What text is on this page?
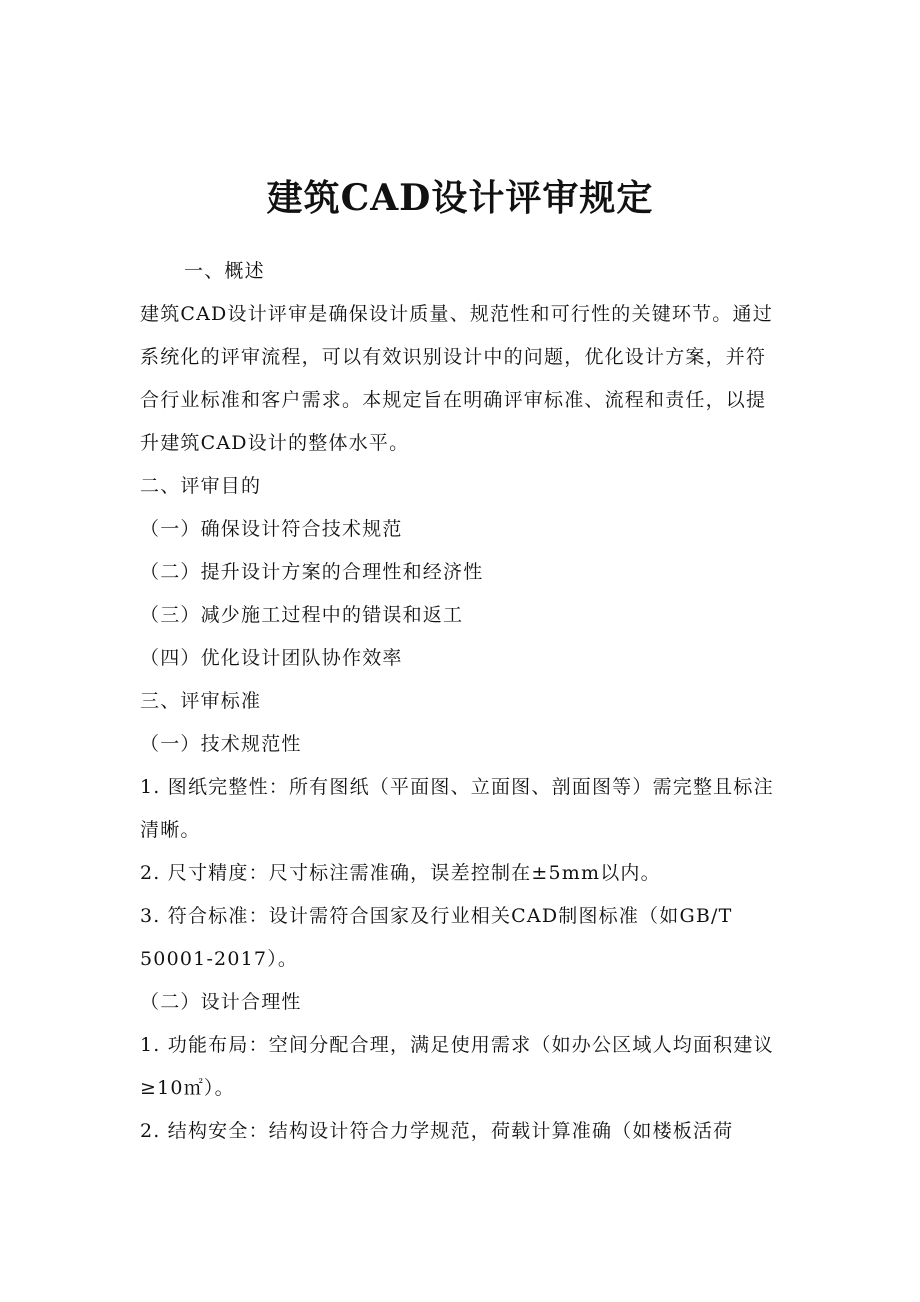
建筑CAD设计评审规定

一、概述

建筑CAD设计评审是确保设计质量、规范性和可行性的关键环节。通过系统化的评审流程，可以有效识别设计中的问题，优化设计方案，并符合行业标准和客户需求。本规定旨在明确评审标准、流程和责任，以提升建筑CAD设计的整体水平。

二、评审目的

（一）确保设计符合技术规范

（二）提升设计方案的合理性和经济性

（三）减少施工过程中的错误和返工

（四）优化设计团队协作效率

三、评审标准

（一）技术规范性

1. 图纸完整性：所有图纸（平面图、立面图、剖面图等）需完整且标注清晰。

2. 尺寸精度：尺寸标注需准确，误差控制在±5mm以内。

3. 符合标准：设计需符合国家及行业相关CAD制图标准（如GB/T 50001-2017）。

（二）设计合理性

1. 功能布局：空间分配合理，满足使用需求（如办公区域人均面积建议≥10㎡）。

2. 结构安全：结构设计符合力学规范，荷载计算准确（如楼板活荷
